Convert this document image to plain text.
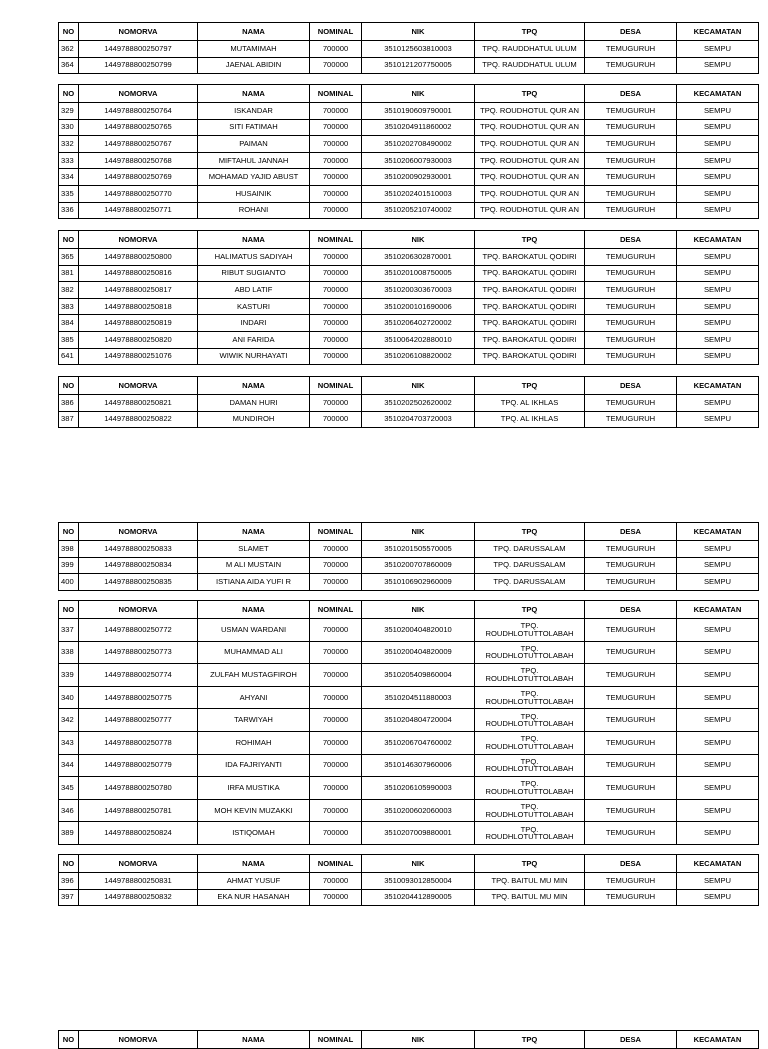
NO	NOMORVA	NAMA	NOMINAL	NIK	TPQ	DESA	KECAMATAN
362	1449788800250797	MUTAMIMAH	700000	3510125603810003	TPQ. RAUDDHATUL ULUM	TEMUGURUH	SEMPU
364	1449788800250799	JAENAL ABIDIN	700000	3510121207750005	TPQ. RAUDDHATUL ULUM	TEMUGURUH	SEMPU
NO	NOMORVA	NAMA	NOMINAL	NIK	TPQ	DESA	KECAMATAN
329	1449788800250764	ISKANDAR	700000	3510190609790001	TPQ. ROUDHOTUL QUR AN	TEMUGURUH	SEMPU
330	1449788800250765	SITI FATIMAH	700000	3510204911860002	TPQ. ROUDHOTUL QUR AN	TEMUGURUH	SEMPU
332	1449788800250767	PAIMAN	700000	3510202708490002	TPQ. ROUDHOTUL QUR AN	TEMUGURUH	SEMPU
333	1449788800250768	MIFTAHUL JANNAH	700000	3510206007930003	TPQ. ROUDHOTUL QUR AN	TEMUGURUH	SEMPU
334	1449788800250769	MOHAMAD YAJID ABUST	700000	3510200902930001	TPQ. ROUDHOTUL QUR AN	TEMUGURUH	SEMPU
335	1449788800250770	HUSAINIK	700000	3510202401510003	TPQ. ROUDHOTUL QUR AN	TEMUGURUH	SEMPU
336	1449788800250771	ROHANI	700000	3510205210740002	TPQ. ROUDHOTUL QUR AN	TEMUGURUH	SEMPU
NO	NOMORVA	NAMA	NOMINAL	NIK	TPQ	DESA	KECAMATAN
365	1449788800250800	HALIMATUS SADIYAH	700000	3510206302870001	TPQ. BAROKATUL QODIRI	TEMUGURUH	SEMPU
381	1449788800250816	RIBUT SUGIANTO	700000	3510201008750005	TPQ. BAROKATUL QODIRI	TEMUGURUH	SEMPU
382	1449788800250817	ABD LATIF	700000	3510200303670003	TPQ. BAROKATUL QODIRI	TEMUGURUH	SEMPU
383	1449788800250818	KASTURI	700000	3510200101690006	TPQ. BAROKATUL QODIRI	TEMUGURUH	SEMPU
384	1449788800250819	INDARI	700000	3510206402720002	TPQ. BAROKATUL QODIRI	TEMUGURUH	SEMPU
385	1449788800250820	ANI FARIDA	700000	3510064202880010	TPQ. BAROKATUL QODIRI	TEMUGURUH	SEMPU
641	1449788800251076	WIWIK NURHAYATI	700000	3510206108820002	TPQ. BAROKATUL QODIRI	TEMUGURUH	SEMPU
NO	NOMORVA	NAMA	NOMINAL	NIK	TPQ	DESA	KECAMATAN
386	1449788800250821	DAMAN HURI	700000	3510202502620002	TPQ. AL IKHLAS	TEMUGURUH	SEMPU
387	1449788800250822	MUNDIROH	700000	3510204703720003	TPQ. AL IKHLAS	TEMUGURUH	SEMPU
NO	NOMORVA	NAMA	NOMINAL	NIK	TPQ	DESA	KECAMATAN
398	1449788800250833	SLAMET	700000	3510201505570005	TPQ. DARUSSALAM	TEMUGURUH	SEMPU
399	1449788800250834	M ALI MUSTAIN	700000	3510200707860009	TPQ. DARUSSALAM	TEMUGURUH	SEMPU
400	1449788800250835	ISTIANA AIDA YUFI R	700000	3510106902960009	TPQ. DARUSSALAM	TEMUGURUH	SEMPU
NO	NOMORVA	NAMA	NOMINAL	NIK	TPQ	DESA	KECAMATAN
337	1449788800250772	USMAN WARDANI	700000	3510200404820010	TPQ. ROUDHLOTUTTOLABAH	TEMUGURUH	SEMPU
338	1449788800250773	MUHAMMAD ALI	700000	3510200404820009	TPQ. ROUDHLOTUTTOLABAH	TEMUGURUH	SEMPU
339	1449788800250774	ZULFAH MUSTAGFIROH	700000	3510205409860004	TPQ. ROUDHLOTUTTOLABAH	TEMUGURUH	SEMPU
340	1449788800250775	AHYANI	700000	3510204511880003	TPQ. ROUDHLOTUTTOLABAH	TEMUGURUH	SEMPU
342	1449788800250777	TARWIYAH	700000	3510204804720004	TPQ. ROUDHLOTUTTOLABAH	TEMUGURUH	SEMPU
343	1449788800250778	ROHIMAH	700000	3510206704760002	TPQ. ROUDHLOTUTTOLABAH	TEMUGURUH	SEMPU
344	1449788800250779	IDA FAJRIYANTI	700000	3510146307960006	TPQ. ROUDHLOTUTTOLABAH	TEMUGURUH	SEMPU
345	1449788800250780	IRFA MUSTIKA	700000	3510206105990003	TPQ. ROUDHLOTUTTOLABAH	TEMUGURUH	SEMPU
346	1449788800250781	MOH KEVIN MUZAKKI	700000	3510200602060003	TPQ. ROUDHLOTUTTOLABAH	TEMUGURUH	SEMPU
389	1449788800250824	ISTIQOMAH	700000	3510207009880001	TPQ. ROUDHLOTUTTOLABAH	TEMUGURUH	SEMPU
NO	NOMORVA	NAMA	NOMINAL	NIK	TPQ	DESA	KECAMATAN
396	1449788800250831	AHMAT YUSUF	700000	3510093012850004	TPQ. BAITUL MU MIN	TEMUGURUH	SEMPU
397	1449788800250832	EKA NUR HASANAH	700000	3510204412890005	TPQ. BAITUL MU MIN	TEMUGURUH	SEMPU
NO	NOMORVA	NAMA	NOMINAL	NIK	TPQ	DESA	KECAMATAN
